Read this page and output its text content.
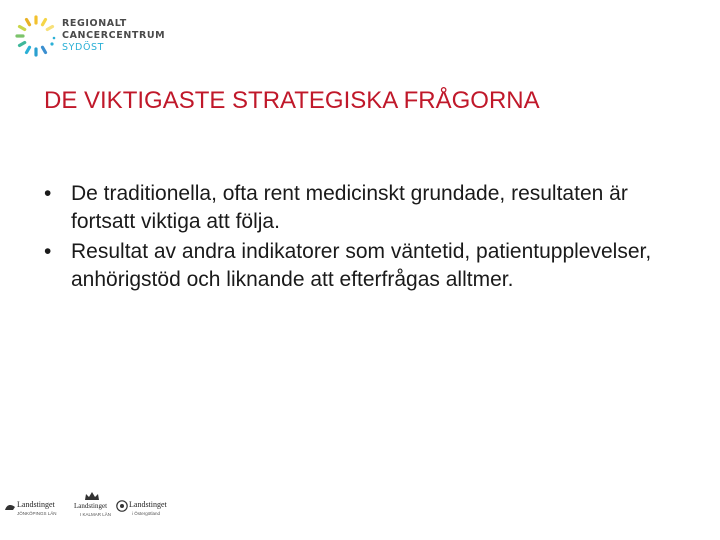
REGIONALT
CANCERCENTRUM
SYDÖST
DE VIKTIGASTE STRATEGISKA FRÅGORNA
• De traditionella, ofta rent medicinskt grundade, resultaten är fortsatt viktiga att följa.
• Resultat av andra indikatorer som väntetid, patientupplevelser, anhörigstöd och liknande att efterfrågas alltmer.
Landstinget
JÖNKÖPINGS LÄN
Landstinget
I KALMAR LÄN
Landstinget
i Östergötland
